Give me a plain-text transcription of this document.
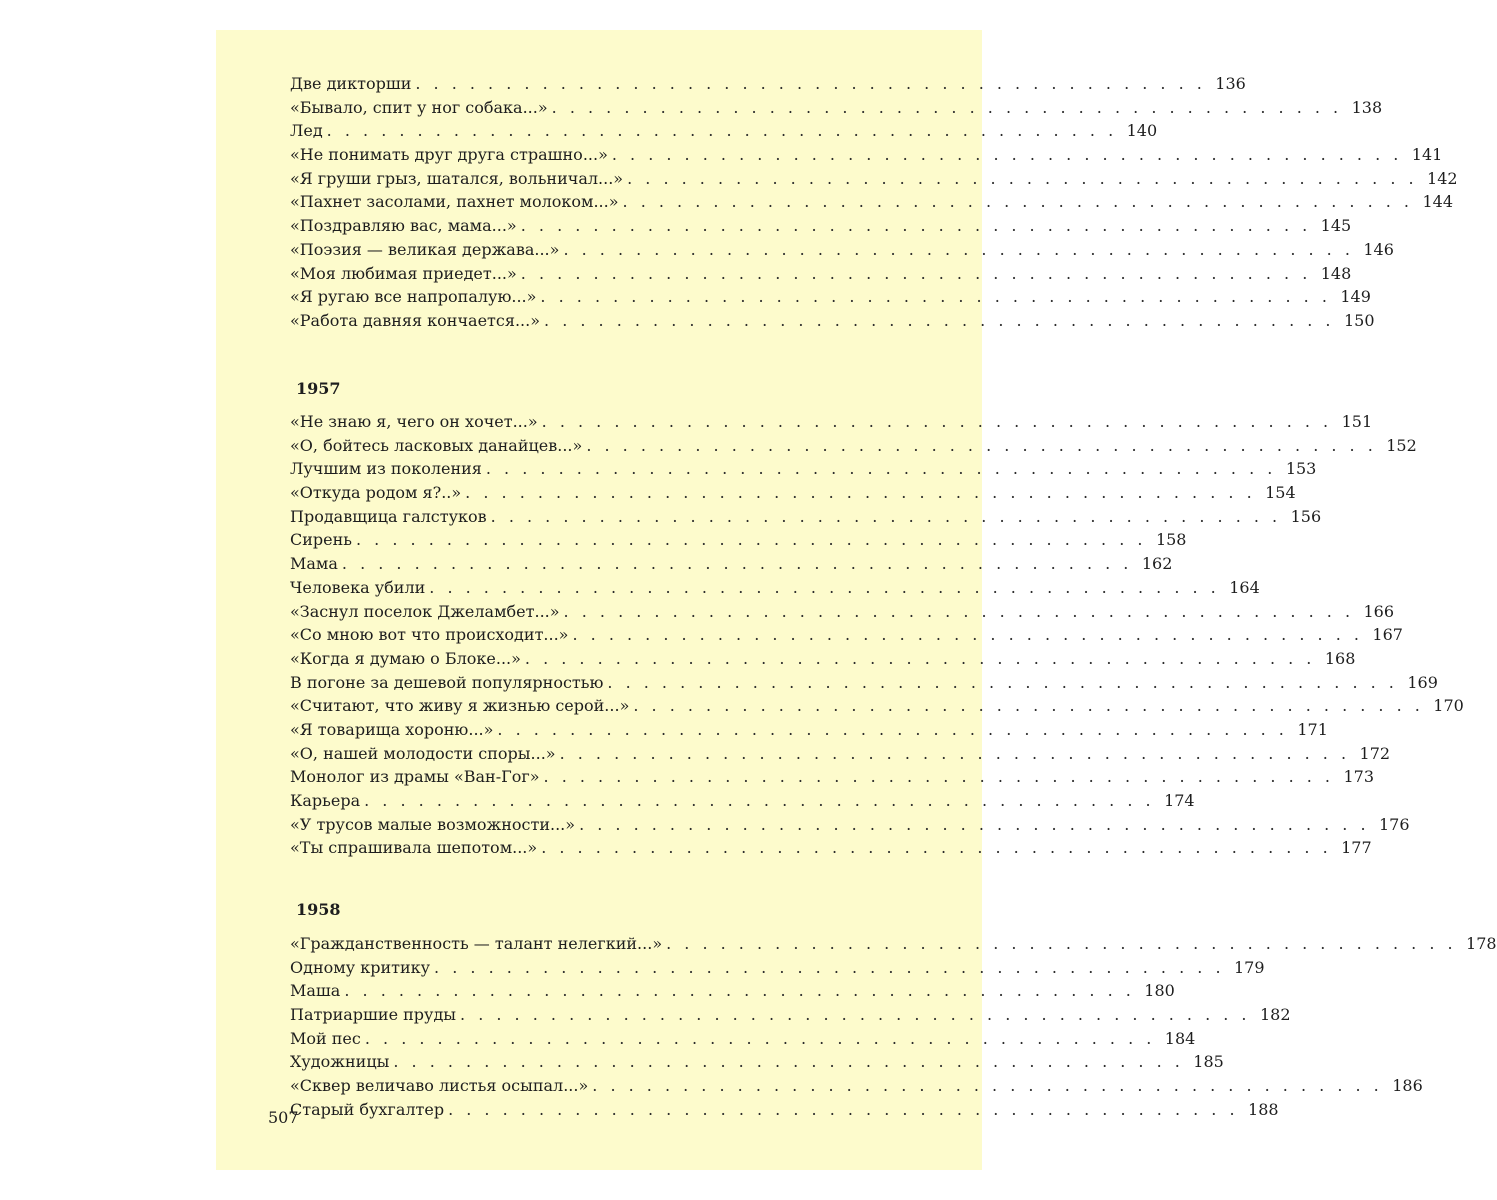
Две дикторши . . . . . . . . . . . . . . . . . . . . . . . . . . . . . . . . . . . . . . . . . . . . 136
«Бывало, спит у ног собака...» . . . . . . . . . . . . . . . . . . . . . . . . . . . . . . . . . . . . . . . . . . . . 138
Лед . . . . . . . . . . . . . . . . . . . . . . . . . . . . . . . . . . . . . . . . . . . . 140
«Не понимать друг друга страшно...» . . . . . . . . . . . . . . . . . . . . . . . . . . . . . . . . . . . . . . . . . . . . 141
«Я груши грыз, шатался, вольничал...» . . . . . . . . . . . . . . . . . . . . . . . . . . . . . . . . . . . . . . . . . . . . 142
«Пахнет засолами, пахнет молоком...» . . . . . . . . . . . . . . . . . . . . . . . . . . . . . . . . . . . . . . . . . . . . 144
«Поздравляю вас, мама...» . . . . . . . . . . . . . . . . . . . . . . . . . . . . . . . . . . . . . . . . . . . . 145
«Поэзия — великая держава...» . . . . . . . . . . . . . . . . . . . . . . . . . . . . . . . . . . . . . . . . . . . . 146
«Моя любимая приедет...» . . . . . . . . . . . . . . . . . . . . . . . . . . . . . . . . . . . . . . . . . . . . 148
«Я ругаю все напропалую...» . . . . . . . . . . . . . . . . . . . . . . . . . . . . . . . . . . . . . . . . . . . . 149
«Работа давняя кончается...» . . . . . . . . . . . . . . . . . . . . . . . . . . . . . . . . . . . . . . . . . . . . 150
1957
«Не знаю я, чего он хочет...» . . . . . . . . . . . . . . . . . . . . . . . . . . . . . . . . . . . . . . . . . . . . 151
«О, бойтесь ласковых данайцев...» . . . . . . . . . . . . . . . . . . . . . . . . . . . . . . . . . . . . . . . . . . . . 152
Лучшим из поколения . . . . . . . . . . . . . . . . . . . . . . . . . . . . . . . . . . . . . . . . . . . . 153
«Откуда родом я?..» . . . . . . . . . . . . . . . . . . . . . . . . . . . . . . . . . . . . . . . . . . . . 154
Продавщица галстуков . . . . . . . . . . . . . . . . . . . . . . . . . . . . . . . . . . . . . . . . . . . . 156
Сирень . . . . . . . . . . . . . . . . . . . . . . . . . . . . . . . . . . . . . . . . . . . . 158
Мама . . . . . . . . . . . . . . . . . . . . . . . . . . . . . . . . . . . . . . . . . . . . 162
Человека убили . . . . . . . . . . . . . . . . . . . . . . . . . . . . . . . . . . . . . . . . . . . . 164
«Заснул поселок Джеламбет...» . . . . . . . . . . . . . . . . . . . . . . . . . . . . . . . . . . . . . . . . . . . . 166
«Со мною вот что происходит...» . . . . . . . . . . . . . . . . . . . . . . . . . . . . . . . . . . . . . . . . . . . . 167
«Когда я думаю о Блоке...» . . . . . . . . . . . . . . . . . . . . . . . . . . . . . . . . . . . . . . . . . . . . 168
В погоне за дешевой популярностью . . . . . . . . . . . . . . . . . . . . . . . . . . . . . . . . . . . . . . . . . . . . 169
«Считают, что живу я жизнью серой...» . . . . . . . . . . . . . . . . . . . . . . . . . . . . . . . . . . . . . . . . . . . . 170
«Я товарища хороню...» . . . . . . . . . . . . . . . . . . . . . . . . . . . . . . . . . . . . . . . . . . . . 171
«О, нашей молодости споры...» . . . . . . . . . . . . . . . . . . . . . . . . . . . . . . . . . . . . . . . . . . . . 172
Монолог из драмы «Ван-Гог» . . . . . . . . . . . . . . . . . . . . . . . . . . . . . . . . . . . . . . . . . . . . 173
Карьера . . . . . . . . . . . . . . . . . . . . . . . . . . . . . . . . . . . . . . . . . . . . 174
«У трусов малые возможности...» . . . . . . . . . . . . . . . . . . . . . . . . . . . . . . . . . . . . . . . . . . . . 176
«Ты спрашивала шепотом...» . . . . . . . . . . . . . . . . . . . . . . . . . . . . . . . . . . . . . . . . . . . . 177
1958
«Гражданственность — талант нелегкий...» . . . . . . . . . . . . . . . . . . . . . . . . . . . . . . . . . . . . . . . . . . . . 178
Одному критику . . . . . . . . . . . . . . . . . . . . . . . . . . . . . . . . . . . . . . . . . . . . 179
Маша . . . . . . . . . . . . . . . . . . . . . . . . . . . . . . . . . . . . . . . . . . . . 180
Патриаршие пруды . . . . . . . . . . . . . . . . . . . . . . . . . . . . . . . . . . . . . . . . . . . . 182
Мой пес . . . . . . . . . . . . . . . . . . . . . . . . . . . . . . . . . . . . . . . . . . . . 184
Художницы . . . . . . . . . . . . . . . . . . . . . . . . . . . . . . . . . . . . . . . . . . . . 185
«Сквер величаво листья осыпал...» . . . . . . . . . . . . . . . . . . . . . . . . . . . . . . . . . . . . . . . . . . . . 186
Старый бухгалтер . . . . . . . . . . . . . . . . . . . . . . . . . . . . . . . . . . . . . . . . . . . . 188
507
